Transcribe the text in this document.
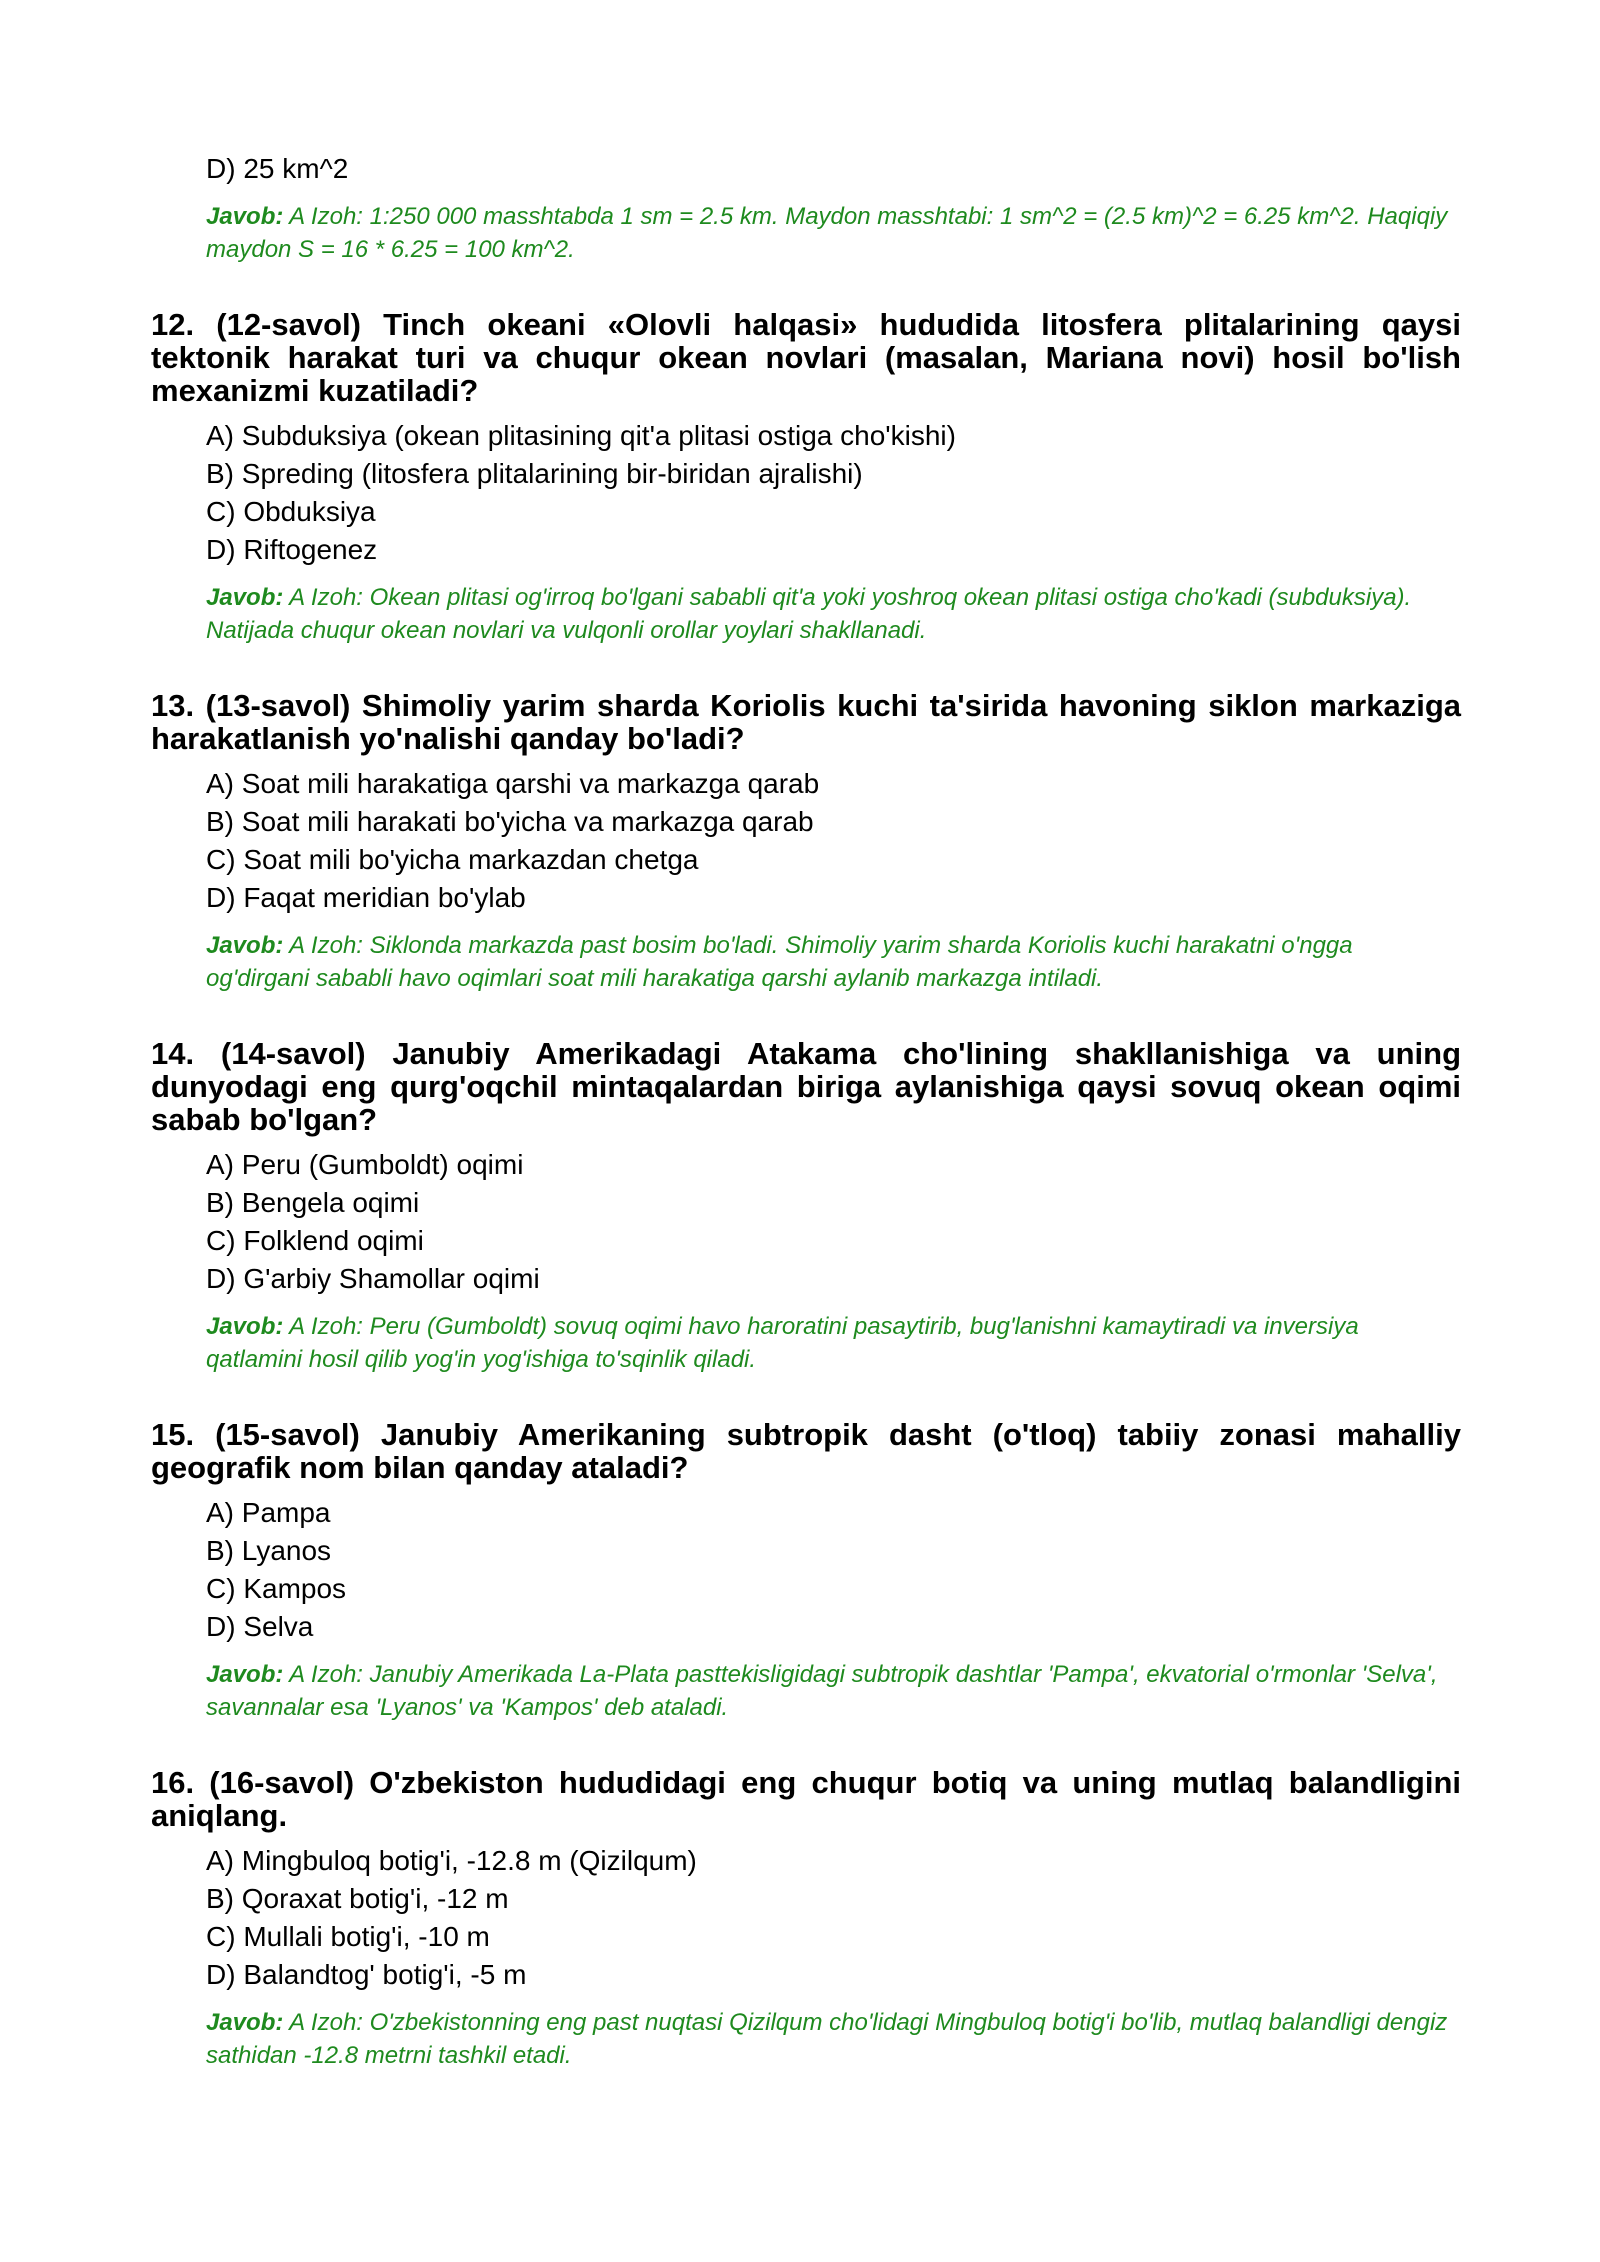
D) 25 km^2
Javob: A Izoh: 1:250 000 masshtabda 1 sm = 2.5 km. Maydon masshtabi: 1 sm^2 = (2.5 km)^2 = 6.25 km^2. Haqiqiy maydon S = 16 * 6.25 = 100 km^2.
12. (12-savol) Tinch okeani «Olovli halqasi» hududida litosfera plitalarining qaysi tektonik harakat turi va chuqur okean novlari (masalan, Mariana novi) hosil bo'lish mexanizmi kuzatiladi?
A) Subduksiya (okean plitasining qit'a plitasi ostiga cho'kishi)
B) Spreding (litosfera plitalarining bir-biridan ajralishi)
C) Obduksiya
D) Riftogenez
Javob: A Izoh: Okean plitasi og'irroq bo'lgani sababli qit'a yoki yoshroq okean plitasi ostiga cho'kadi (subduksiya). Natijada chuqur okean novlari va vulqonli orollar yoylari shakllanadi.
13. (13-savol) Shimoliy yarim sharda Koriolis kuchi ta'sirida havoning siklon markaziga harakatlanish yo'nalishi qanday bo'ladi?
A) Soat mili harakatiga qarshi va markazga qarab
B) Soat mili harakati bo'yicha va markazga qarab
C) Soat mili bo'yicha markazdan chetga
D) Faqat meridian bo'ylab
Javob: A Izoh: Siklonda markazda past bosim bo'ladi. Shimoliy yarim sharda Koriolis kuchi harakatni o'ngga og'dirgani sababli havo oqimlari soat mili harakatiga qarshi aylanib markazga intiladi.
14. (14-savol) Janubiy Amerikadagi Atakama cho'lining shakllanishiga va uning dunyodagi eng qurg'oqchil mintaqalardan biriga aylanishiga qaysi sovuq okean oqimi sabab bo'lgan?
A) Peru (Gumboldt) oqimi
B) Bengela oqimi
C) Folklend oqimi
D) G'arbiy Shamollar oqimi
Javob: A Izoh: Peru (Gumboldt) sovuq oqimi havo haroratini pasaytirib, bug'lanishni kamaytiradi va inversiya qatlamini hosil qilib yog'in yog'ishiga to'sqinlik qiladi.
15. (15-savol) Janubiy Amerikaning subtropik dasht (o'tloq) tabiiy zonasi mahalliy geografik nom bilan qanday ataladi?
A) Pampa
B) Lyanos
C) Kampos
D) Selva
Javob: A Izoh: Janubiy Amerikada La-Plata pasttekisligidagi subtropik dashtlar 'Pampa', ekvatorial o'rmonlar 'Selva', savannalar esa 'Lyanos' va 'Kampos' deb ataladi.
16. (16-savol) O'zbekiston hududidagi eng chuqur botiq va uning mutlaq balandligini aniqlang.
A) Mingbuloq botig'i, -12.8 m (Qizilqum)
B) Qoraxat botig'i, -12 m
C) Mullali botig'i, -10 m
D) Balandtog' botig'i, -5 m
Javob: A Izoh: O'zbekistonning eng past nuqtasi Qizilqum cho'lidagi Mingbuloq botig'i bo'lib, mutlaq balandligi dengiz sathidan -12.8 metrni tashkil etadi.
